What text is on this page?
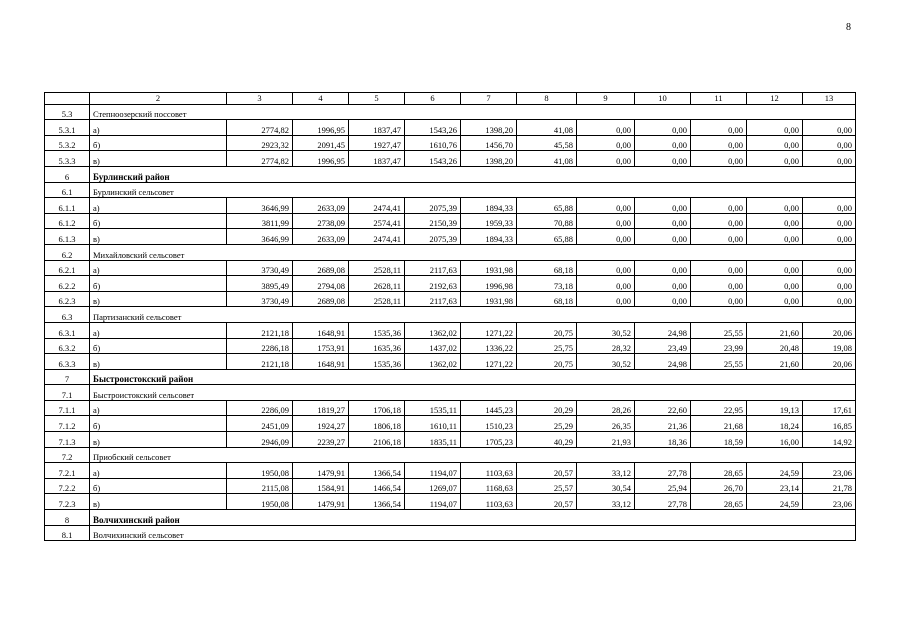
8
	2	3	4	5	6	7	8	9	10	11	12	13
5.3	Степноозерский поссовет											
5.3.1	а)	2774,82	1996,95	1837,47	1543,26	1398,20	41,08	0,00	0,00	0,00	0,00	0,00
5.3.2	б)	2923,32	2091,45	1927,47	1610,76	1456,70	45,58	0,00	0,00	0,00	0,00	0,00
5.3.3	в)	2774,82	1996,95	1837,47	1543,26	1398,20	41,08	0,00	0,00	0,00	0,00	0,00
6	Бурлинский район											
6.1	Бурлинский сельсовет											
6.1.1	а)	3646,99	2633,09	2474,41	2075,39	1894,33	65,88	0,00	0,00	0,00	0,00	0,00
6.1.2	б)	3811,99	2738,09	2574,41	2150,39	1959,33	70,88	0,00	0,00	0,00	0,00	0,00
6.1.3	в)	3646,99	2633,09	2474,41	2075,39	1894,33	65,88	0,00	0,00	0,00	0,00	0,00
6.2	Михайловский сельсовет											
6.2.1	а)	3730,49	2689,08	2528,11	2117,63	1931,98	68,18	0,00	0,00	0,00	0,00	0,00
6.2.2	б)	3895,49	2794,08	2628,11	2192,63	1996,98	73,18	0,00	0,00	0,00	0,00	0,00
6.2.3	в)	3730,49	2689,08	2528,11	2117,63	1931,98	68,18	0,00	0,00	0,00	0,00	0,00
6.3	Партизанский сельсовет											
6.3.1	а)	2121,18	1648,91	1535,36	1362,02	1271,22	20,75	30,52	24,98	25,55	21,60	20,06
6.3.2	б)	2286,18	1753,91	1635,36	1437,02	1336,22	25,75	28,32	23,49	23,99	20,48	19,08
6.3.3	в)	2121,18	1648,91	1535,36	1362,02	1271,22	20,75	30,52	24,98	25,55	21,60	20,06
7	Быстроистокский район											
7.1	Быстроистокский сельсовет											
7.1.1	а)	2286,09	1819,27	1706,18	1535,11	1445,23	20,29	28,26	22,60	22,95	19,13	17,61
7.1.2	б)	2451,09	1924,27	1806,18	1610,11	1510,23	25,29	26,35	21,36	21,68	18,24	16,85
7.1.3	в)	2946,09	2239,27	2106,18	1835,11	1705,23	40,29	21,93	18,36	18,59	16,00	14,92
7.2	Приобский сельсовет											
7.2.1	а)	1950,08	1479,91	1366,54	1194,07	1103,63	20,57	33,12	27,78	28,65	24,59	23,06
7.2.2	б)	2115,08	1584,91	1466,54	1269,07	1168,63	25,57	30,54	25,94	26,70	23,14	21,78
7.2.3	в)	1950,08	1479,91	1366,54	1194,07	1103,63	20,57	33,12	27,78	28,65	24,59	23,06
8	Волчихинский район											
8.1	Волчихинский сельсовет											
